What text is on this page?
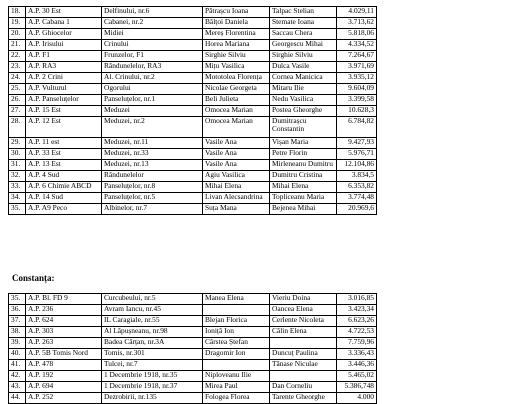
18.	A.P. 30 Est	Delfinului, nr.6	Pătrașcu Ioana	Talpac Stelian	4.029,11
19.	A.P. Cabana 1	Cabanei, nr.2	Bălțoi Daniela	Stemate Ioana	3.713,62
20.	A.P. Ghiocelor	Midiei	Mereș Florentina	Saccau Chera	5.818,06
21.	A.P. Irisului	Crinului	Horea Mariana	Georgescu Mihai	4.334,52
22.	A.P. F1	Frunzelor, F1	Sirghie Silviu	Sirghie Silviu	7.264,67
23.	A.P. RA3	Rândunelelor, RA3	Mițu Vasilica	Dulca Vasile	3.971,69
24.	A.P. 2 Crini	Al. Crinului, nr.2	Mototolea Florența	Cornea Manicica	3.935,12
25.	A.P. Vulturul	Ogorului	Nicolae Georgeta	Mitaru Ilie	9.604,09
26.	A.P. Panseluțelor	Panseluțelor, nr.1	Beli Julieta	Nedu Vasilica	3.399,58
27.	A.P. 15 Est	Meduzei	Omocea Marian	Postea Gheorghe	10.628,3
28.	A.P. 12 Est	Meduzei, nr.2	Omocea Marian	Dumitrașcu Constantin	6.784,82
29.	A.P. 11 est	Meduzei, nr.11	Vasile Ana	Vișan Maria	9.427,93
30.	A.P. 33 Est	Meduzei, nr.33	Vasile Ana	Petre Florin	5.976,71
31.	A.P. 13 Est	Meduzei, nr.13	Vasile Ana	Mirleneanu Dumitru	12.104,86
32.	A.P. 4 Sud	Rândunelelor	Agiu Vasilica	Dumitru Cristina	3.834,5
33.	A.P. 6 Chimie ABCD	Panseluțelor, nr.8	Mihai Elena	Mihai Elena	6.353,82
34.	A.P. 14 Sud	Panseluțelor, nr.5	Livan Alecsandrina	Topliceanu Maria	3.774,48
35.	A.P. A9 Peco	Albinelor, nr.7	Suța Mana	Bejenea Mihai	20.969,6
Constanța:
35.	A.P. Bl. FD 9	Curcubeului, nr.5	Manea Elena	Vieriu Doina	3.016,85
36.	A.P. 236	Avram Iancu, nr.45		Oancea Elena	3.423,34
37.	A.P. 624	IL Caragiale, nr.55	Blejan Florica	Cerlente Nicoleta	6.623,26
38.	A.P. 303	Al Lăpușneanu, nr.98	Ioniță Ion	Călin Elena	4.722,53
39.	A.P. 263	Badea Cârțan, nr.3A	Cârstea Ștefan		7.759,96
40.	A.P. 5B Tomis Nord	Tomis, nr.301	Dragomir Ion	Duncuț Paulina	3.336,43
41.	A.P. 478	Tulcei, nr.7		Tănase Niculae	3.446,36
42.	A.P. 192	1 Decembrie 1918, nr.35	Niploveanu Ilie		5.465,02
43.	A.P. 694	1 Decembrie 1918, nr.37	Mirea Paul	Dan Corneliu	5.386,748
44.	A.P. 252	Dezrobirii, nr.135	Fologea Florea	Tarente Gheorghe	4.000
